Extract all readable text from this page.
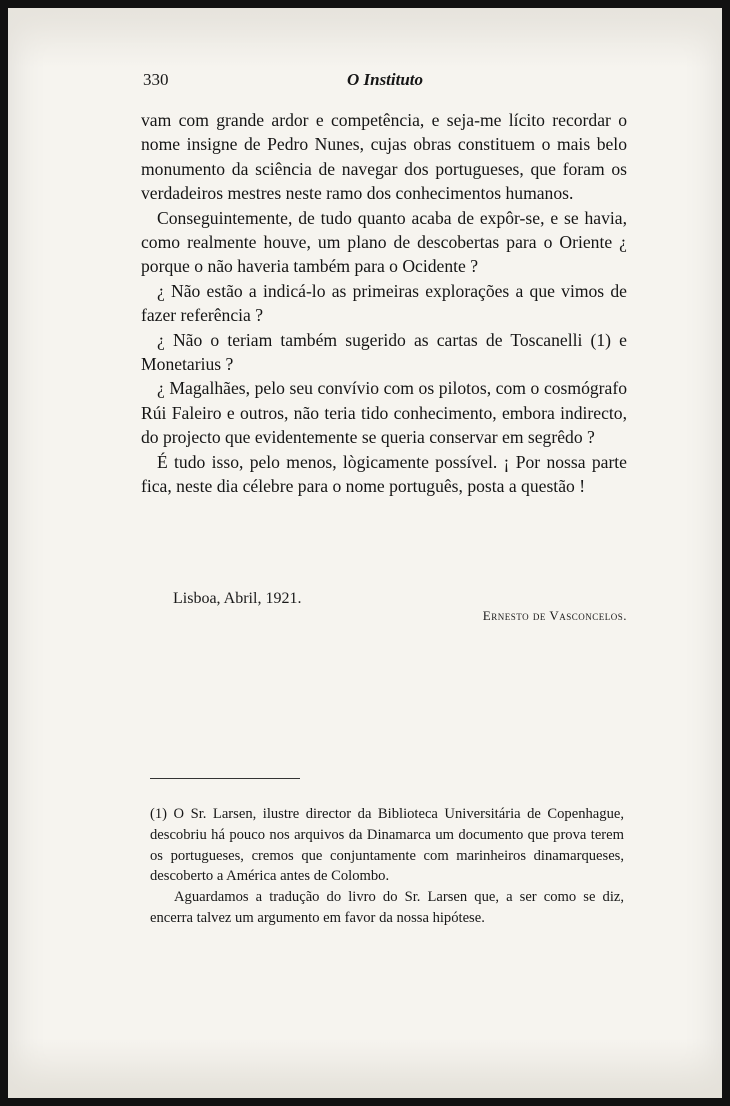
330	O Instituto

vam com grande ardor e competência, e seja-me lícito recordar o nome insigne de Pedro Nunes, cujas obras constituem o mais belo monumento da sciência de navegar dos portugueses, que foram os verdadeiros mestres neste ramo dos conhecimentos humanos.

Conseguintemente, de tudo quanto acaba de expôr-se, e se havia, como realmente houve, um plano de descobertas para o Oriente ¿ porque o não haveria também para o Ocidente ?

¿ Não estão a indicá-lo as primeiras explorações a que vimos de fazer referência ?

¿ Não o teriam também sugerido as cartas de Toscanelli (1) e Monetarius ?

¿ Magalhães, pelo seu convívio com os pilotos, com o cosmógrafo Rúi Faleiro e outros, não teria tido conhecimento, embora indirecto, do projecto que evidentemente se queria conservar em segrêdo ?

É tudo isso, pelo menos, lògicamente possível. ¡ Por nossa parte fica, neste dia célebre para o nome português, posta a questão !

Lisboa, Abril, 1921.
Ernesto de Vasconcelos.

(1) O Sr. Larsen, ilustre director da Biblioteca Universitária de Copenhague, descobriu há pouco nos arquivos da Dinamarca um documento que prova terem os portugueses, cremos que conjuntamente com marinheiros dinamarqueses, descoberto a América antes de Colombo.

Aguardamos a tradução do livro do Sr. Larsen que, a ser como se diz, encerra talvez um argumento em favor da nossa hipótese.
